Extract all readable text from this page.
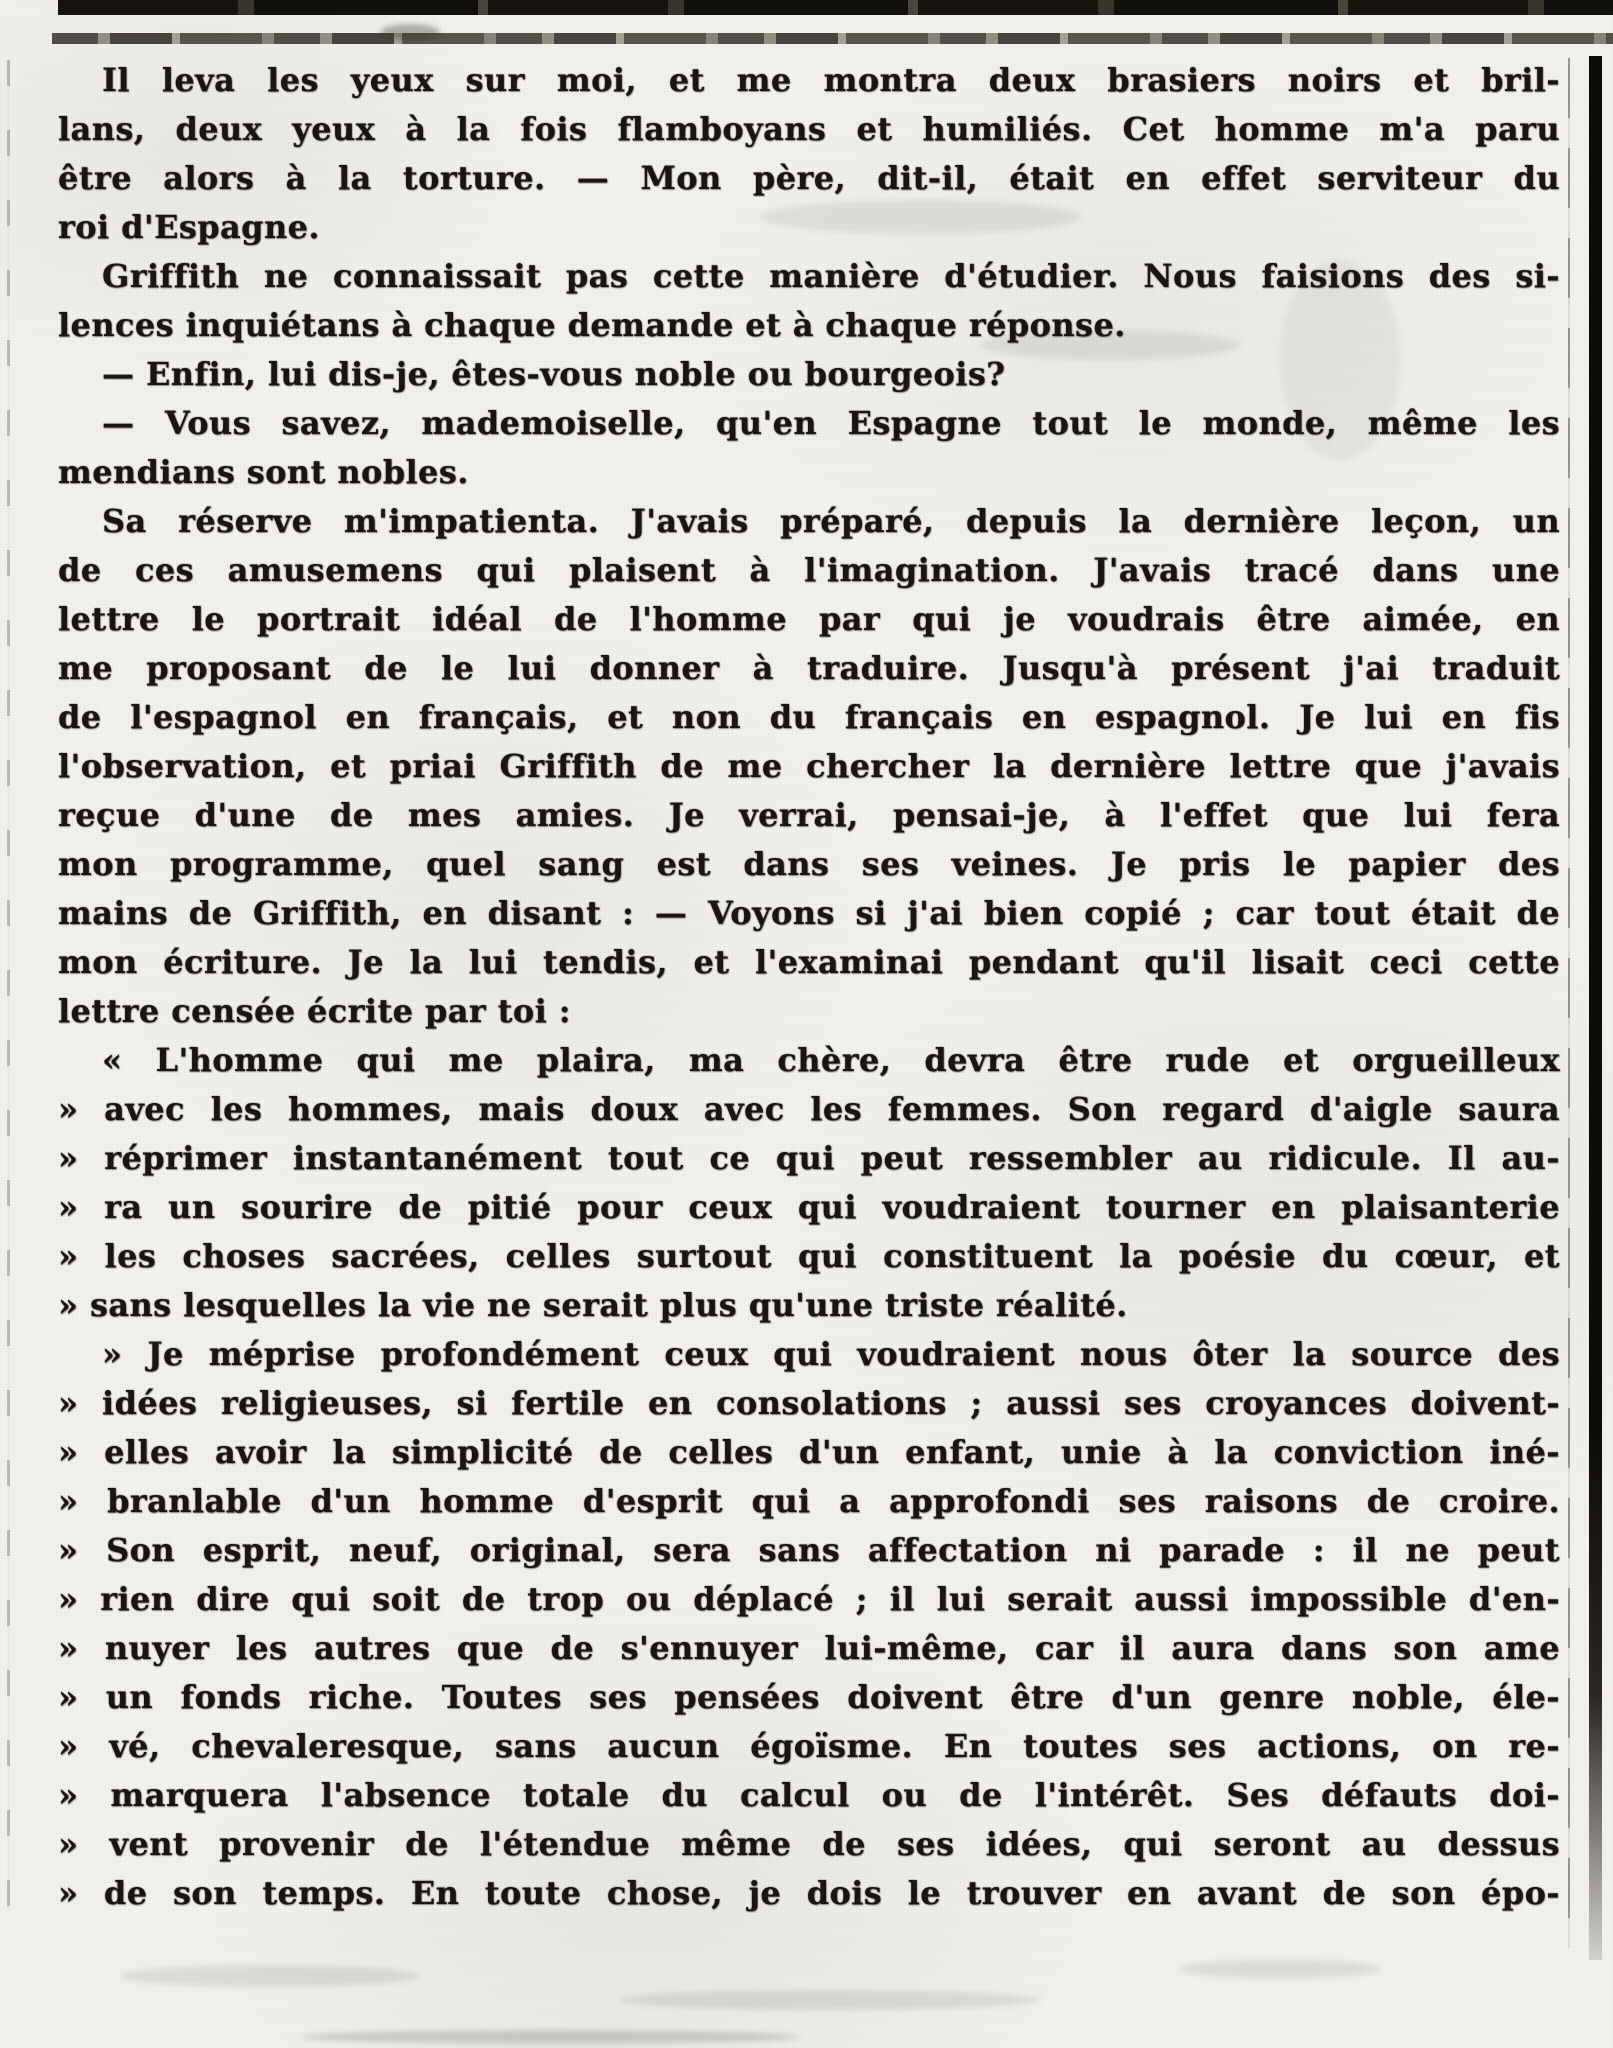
Il leva les yeux sur moi, et me montra deux brasiers noirs et bril-
lans, deux yeux à la fois flamboyans et humiliés. Cet homme m'a paru
être alors à la torture. — Mon père, dit-il, était en effet serviteur du
roi d'Espagne.
Griffith ne connaissait pas cette manière d'étudier. Nous faisions des si-
lences inquiétans à chaque demande et à chaque réponse.
— Enfin, lui dis-je, êtes-vous noble ou bourgeois?
— Vous savez, mademoiselle, qu'en Espagne tout le monde, même les
mendians sont nobles.
Sa réserve m'impatienta. J'avais préparé, depuis la dernière leçon, un
de ces amusemens qui plaisent à l'imagination. J'avais tracé dans une
lettre le portrait idéal de l'homme par qui je voudrais être aimée, en
me proposant de le lui donner à traduire. Jusqu'à présent j'ai traduit
de l'espagnol en français, et non du français en espagnol. Je lui en fis
l'observation, et priai Griffith de me chercher la dernière lettre que j'avais
reçue d'une de mes amies. Je verrai, pensai-je, à l'effet que lui fera
mon programme, quel sang est dans ses veines. Je pris le papier des
mains de Griffith, en disant : — Voyons si j'ai bien copié ; car tout était de
mon écriture. Je la lui tendis, et l'examinai pendant qu'il lisait ceci cette
lettre censée écrite par toi :
« L'homme qui me plaira, ma chère, devra être rude et orgueilleux
» avec les hommes, mais doux avec les femmes. Son regard d'aigle saura
» réprimer instantanément tout ce qui peut ressembler au ridicule. Il au-
» ra un sourire de pitié pour ceux qui voudraient tourner en plaisanterie
» les choses sacrées, celles surtout qui constituent la poésie du cœur, et
» sans lesquelles la vie ne serait plus qu'une triste réalité.
» Je méprise profondément ceux qui voudraient nous ôter la source des
» idées religieuses, si fertile en consolations ; aussi ses croyances doivent-
» elles avoir la simplicité de celles d'un enfant, unie à la conviction iné-
» branlable d'un homme d'esprit qui a approfondi ses raisons de croire.
» Son esprit, neuf, original, sera sans affectation ni parade : il ne peut
» rien dire qui soit de trop ou déplacé ; il lui serait aussi impossible d'en-
» nuyer les autres que de s'ennuyer lui-même, car il aura dans son ame
» un fonds riche. Toutes ses pensées doivent être d'un genre noble, éle-
» vé, chevaleresque, sans aucun égoïsme. En toutes ses actions, on re-
» marquera l'absence totale du calcul ou de l'intérêt. Ses défauts doi-
» vent provenir de l'étendue même de ses idées, qui seront au dessus
» de son temps. En toute chose, je dois le trouver en avant de son épo-
